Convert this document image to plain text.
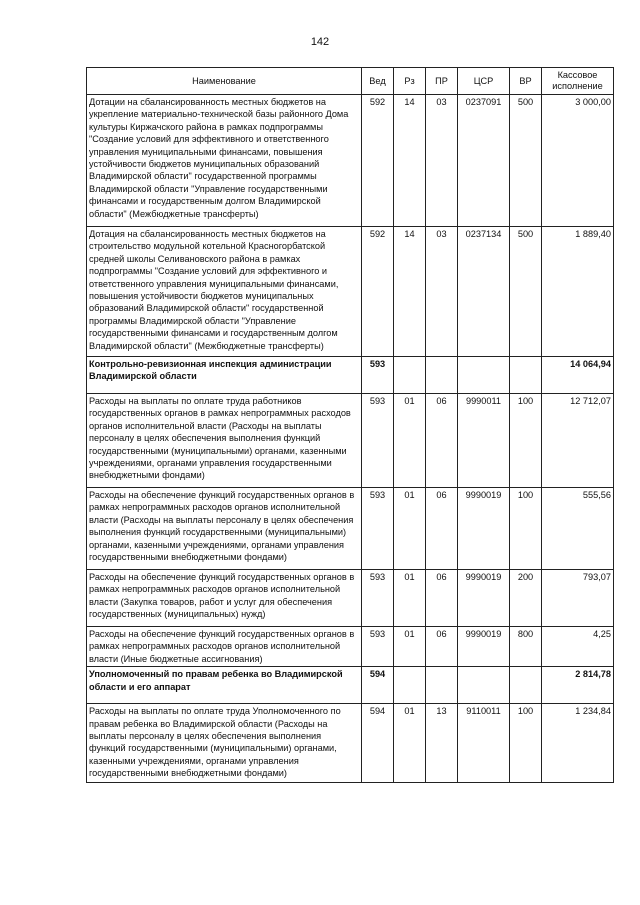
142
Наименование	Вед	Рз	ПР	ЦСР	ВР	Кассовое
исполнение

Дотации на сбалансированность местных бюджетов на укрепление материально-технической базы районного Дома культуры Киржачского района в рамках подпрограммы "Создание условий для эффективного и ответственного управления муниципальными финансами, повышения устойчивости бюджетов муниципальных образований Владимирской области" государственной программы Владимирской области "Управление государственными финансами и государственным долгом Владимирской области" (Межбюджетные трансферты)	592	14	03	0237091	500	3 000,00
Дотация на сбалансированность местных бюджетов на строительство модульной котельной Красногорбатской средней школы Селивановского района в рамках подпрограммы "Создание условий для эффективного и ответственного управления муниципальными финансами, повышения устойчивости бюджетов муниципальных образований Владимирской области" государственной программы Владимирской области "Управление государственными финансами и государственным долгом Владимирской области" (Межбюджетные трансферты)	592	14	03	0237134	500	1 889,40
Контрольно-ревизионная инспекция администрации Владимирской области	593					14 064,94
Расходы на выплаты по оплате труда работников государственных органов в рамках непрограммных расходов органов исполнительной власти (Расходы на выплаты персоналу в целях обеспечения выполнения функций государственными (муниципальными) органами, казенными учреждениями, органами управления государственными внебюджетными фондами)	593	01	06	9990011	100	12 712,07
Расходы на обеспечение функций государственных органов в рамках непрограммных расходов органов исполнительной власти (Расходы на выплаты персоналу в целях обеспечения выполнения функций государственными (муниципальными) органами, казенными учреждениями, органами управления государственными внебюджетными фондами)	593	01	06	9990019	100	555,56
Расходы на обеспечение функций государственных органов в рамках непрограммных расходов органов исполнительной власти (Закупка товаров, работ и услуг для обеспечения государственных (муниципальных) нужд)	593	01	06	9990019	200	793,07
Расходы на обеспечение функций государственных органов в рамках непрограммных расходов органов исполнительной власти (Иные бюджетные ассигнования)	593	01	06	9990019	800	4,25
Уполномоченный по правам ребенка во Владимирской области и его аппарат	594					2 814,78
Расходы на выплаты по оплате труда Уполномоченного по правам ребенка во Владимирской области (Расходы на выплаты персоналу в целях обеспечения выполнения функций государственными (муниципальными) органами, казенными учреждениями, органами управления государственными внебюджетными фондами)	594	01	13	9110011	100	1 234,84
